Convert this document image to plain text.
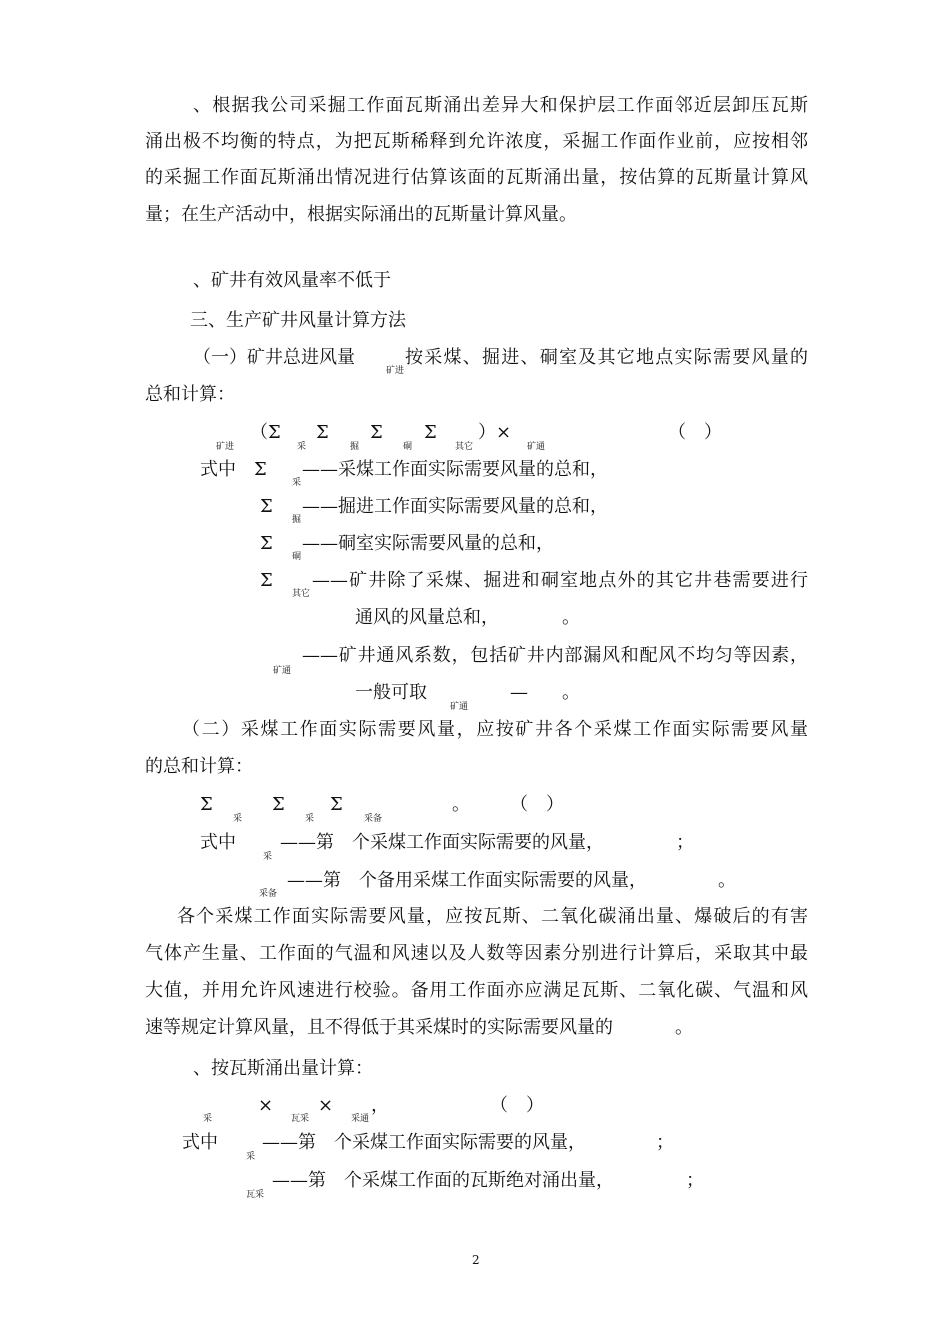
、根据我公司采掘工作面瓦斯涌出差异大和保护层工作面邻近层卸压瓦斯
涌出极不均衡的特点，为把瓦斯稀释到允许浓度，采掘工作面作业前，应按相邻
的采掘工作面瓦斯涌出情况进行估算该面的瓦斯涌出量，按估算的瓦斯量计算风
量；在生产活动中，根据实际涌出的瓦斯量计算风量。
、矿井有效风量率不低于
三、生产矿井风量计算方法
（一）矿井总进风量	按采煤、掘进、硐室及其它地点实际需要风量的
总和计算：
（Σ Σ Σ Σ ）×	（　）
式中　Σ ——采煤工作面实际需要风量的总和，
Σ ——掘进工作面实际需要风量的总和，
Σ ——硐室实际需要风量的总和，
Σ ——矿井除了采煤、掘进和硐室地点外的其它井巷需要进行
通风的风量总和，	。
——矿井通风系数，包括矿井内部漏风和配风不均匀等因素，
一般可取	— 。
（二）采煤工作面实际需要风量，应按矿井各个采煤工作面实际需要风量
的总和计算：
Σ	Σ	Σ	。 （　）
式中 ——第　个采煤工作面实际需要的风量，	；
——第　个备用采煤工作面实际需要的风量，	。
各个采煤工作面实际需要风量，应按瓦斯、二氧化碳涌出量、爆破后的有害
气体产生量、工作面的气温和风速以及人数等因素分别进行计算后，采取其中最
大值，并用允许风速进行校验。备用工作面亦应满足瓦斯、二氧化碳、气温和风
速等规定计算风量，且不得低于其采煤时的实际需要风量的	。
、按瓦斯涌出量计算：
× × ，	（　）
式中 ——第　个采煤工作面实际需要的风量，	；
——第　个采煤工作面的瓦斯绝对涌出量，	；
矿进
矿进	采	掘	硐	其它	矿通
采
掘
硐
其它
矿通
矿通
采	采	采备
采
采备
采	瓦采	采通
采
瓦采
2
